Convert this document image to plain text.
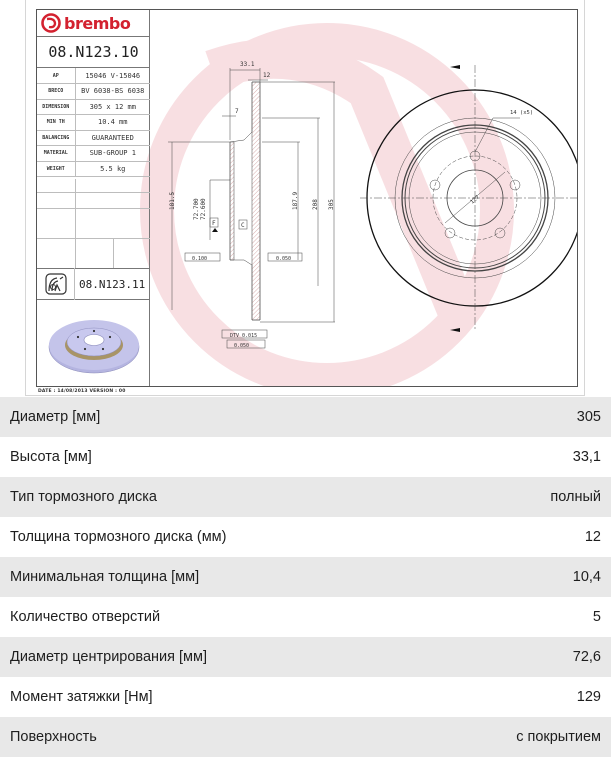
brembo
08.N123.10
AP	15046 V-15046
BRECO	BV 6038-BS 6038
DIMENSION	305 x 12 mm
MIN TH	10.4 mm
BALANCING	GUARANTEED
MATERIAL	SUB-GROUP 1
WEIGHT	5.5 kg
08.N123.11
33.1
12
7
F	C
0.100	0.050
DTV 0.015
0.050
14 (x5)
181.5	72.700 72.600	187.9 208 305	127
DATE : 14/08/2013 VERSION : 00
Диаметр [мм]	305
Высота [мм]	33,1
Тип тормозного диска	полный
Толщина тормозного диска (мм)	12
Минимальная толщина [мм]	10,4
Количество отверстий	5
Диаметр центрирования [мм]	72,6
Момент затяжки [Нм]	129
Поверхность	с покрытием
